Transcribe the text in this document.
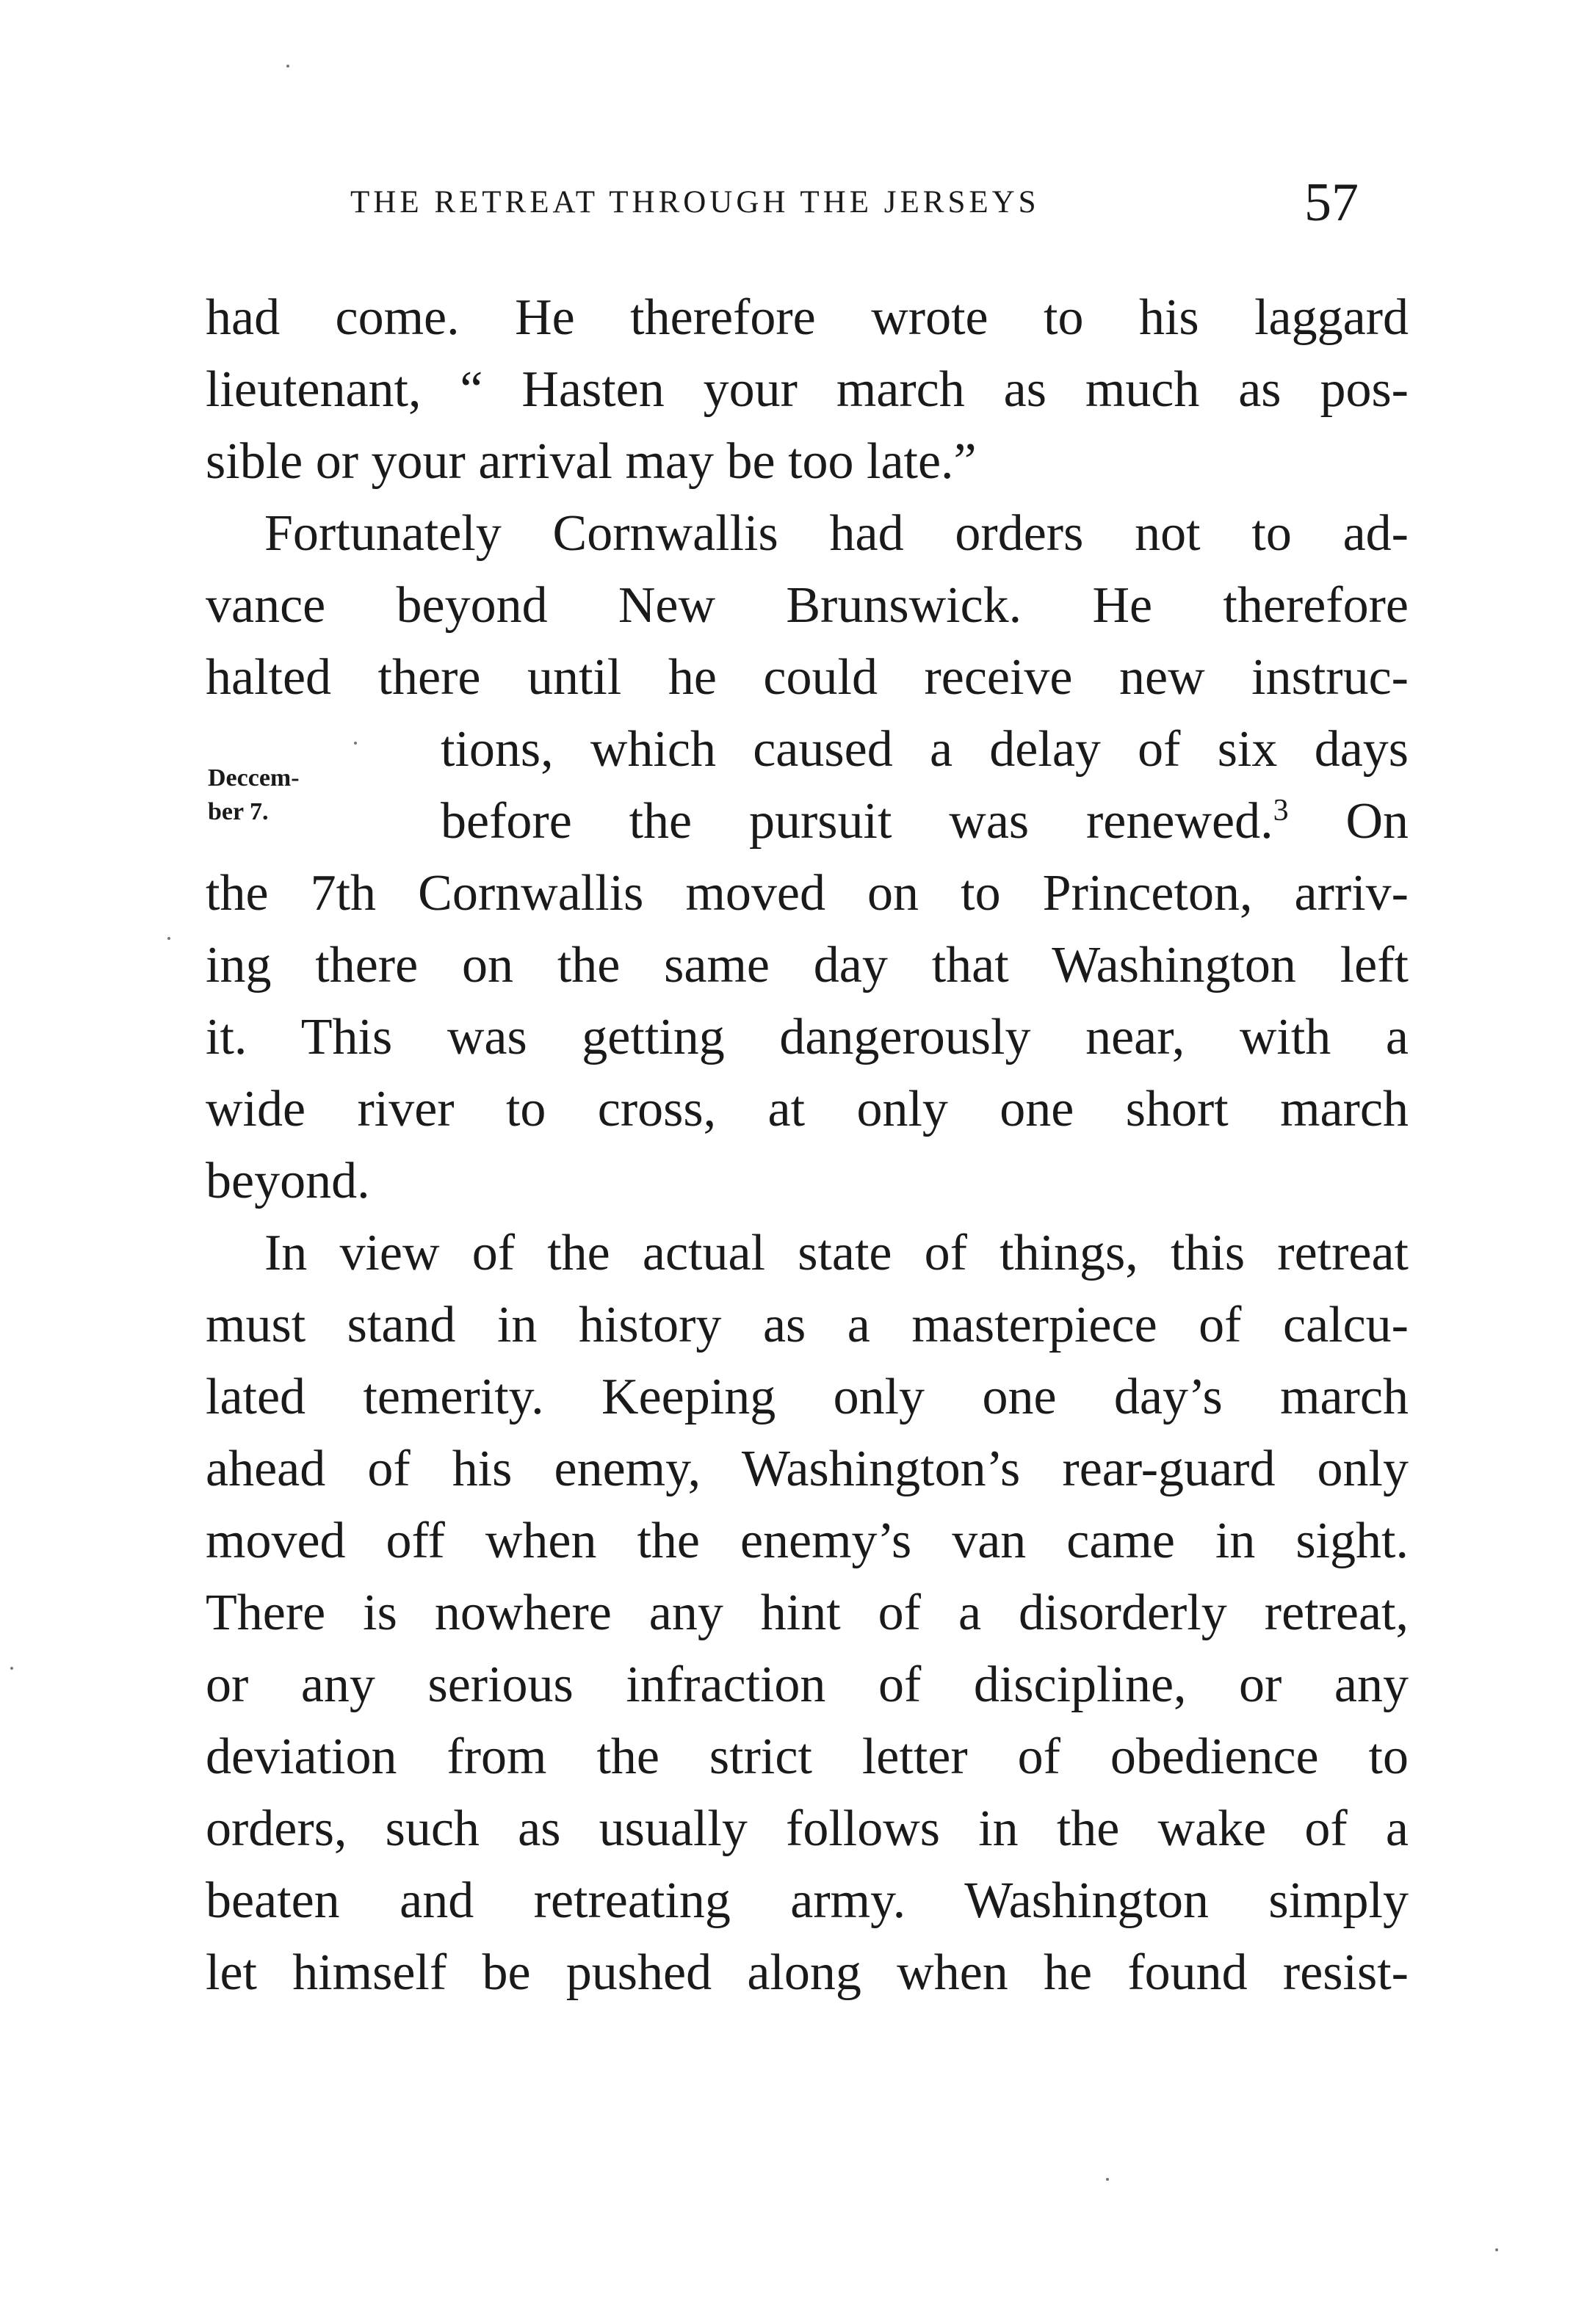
THE RETREAT THROUGH THE JERSEYS	57
had come. He therefore wrote to his laggard
lieutenant, “ Hasten your march as much as pos-
sible or your arrival may be too late.”
Fortunately Cornwallis had orders not to ad-
vance beyond New Brunswick. He therefore
halted there until he could receive new instruc-
Deccem-
ber 7.
tions, which caused a delay of six days
before the pursuit was renewed.$^3$ On
the 7th Cornwallis moved on to Princeton, arriv-
ing there on the same day that Washington left
it. This was getting dangerously near, with a
wide river to cross, at only one short march
beyond.
In view of the actual state of things, this retreat
must stand in history as a masterpiece of calcu-
lated temerity. Keeping only one day’s march
ahead of his enemy, Washington’s rear-guard only
moved off when the enemy’s van came in sight.
There is nowhere any hint of a disorderly retreat,
or any serious infraction of discipline, or any
deviation from the strict letter of obedience to
orders, such as usually follows in the wake of a
beaten and retreating army. Washington simply
let himself be pushed along when he found resist-
